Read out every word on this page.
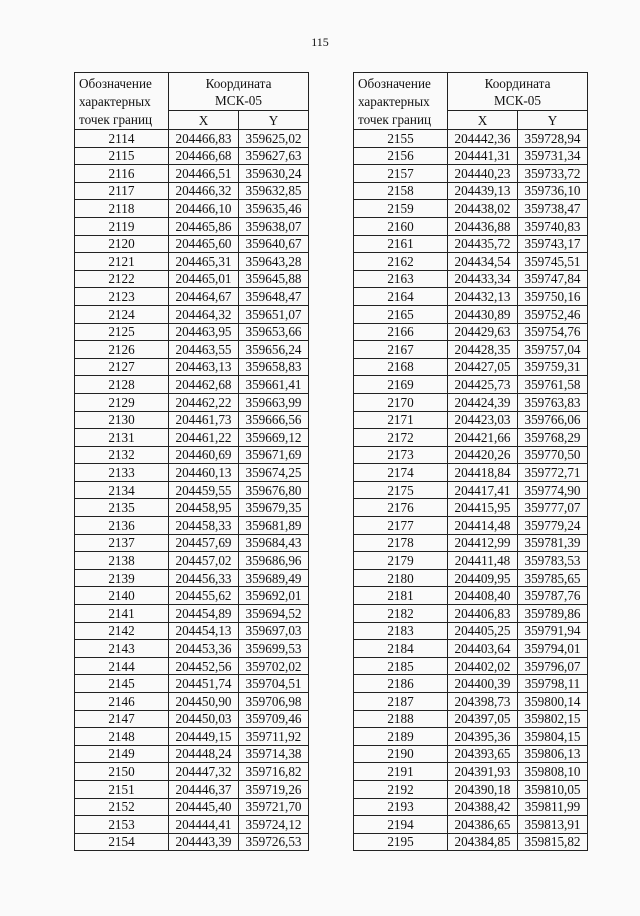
115
Обозначение
характерных
точек границ	Координата
МСК-05	
	X	Y
2114	204466,83	359625,02
2115	204466,68	359627,63
2116	204466,51	359630,24
2117	204466,32	359632,85
2118	204466,10	359635,46
2119	204465,86	359638,07
2120	204465,60	359640,67
2121	204465,31	359643,28
2122	204465,01	359645,88
2123	204464,67	359648,47
2124	204464,32	359651,07
2125	204463,95	359653,66
2126	204463,55	359656,24
2127	204463,13	359658,83
2128	204462,68	359661,41
2129	204462,22	359663,99
2130	204461,73	359666,56
2131	204461,22	359669,12
2132	204460,69	359671,69
2133	204460,13	359674,25
2134	204459,55	359676,80
2135	204458,95	359679,35
2136	204458,33	359681,89
2137	204457,69	359684,43
2138	204457,02	359686,96
2139	204456,33	359689,49
2140	204455,62	359692,01
2141	204454,89	359694,52
2142	204454,13	359697,03
2143	204453,36	359699,53
2144	204452,56	359702,02
2145	204451,74	359704,51
2146	204450,90	359706,98
2147	204450,03	359709,46
2148	204449,15	359711,92
2149	204448,24	359714,38
2150	204447,32	359716,82
2151	204446,37	359719,26
2152	204445,40	359721,70
2153	204444,41	359724,12
2154	204443,39	359726,53
Обозначение
характерных
точек границ	Координата
МСК-05	
	X	Y
2155	204442,36	359728,94
2156	204441,31	359731,34
2157	204440,23	359733,72
2158	204439,13	359736,10
2159	204438,02	359738,47
2160	204436,88	359740,83
2161	204435,72	359743,17
2162	204434,54	359745,51
2163	204433,34	359747,84
2164	204432,13	359750,16
2165	204430,89	359752,46
2166	204429,63	359754,76
2167	204428,35	359757,04
2168	204427,05	359759,31
2169	204425,73	359761,58
2170	204424,39	359763,83
2171	204423,03	359766,06
2172	204421,66	359768,29
2173	204420,26	359770,50
2174	204418,84	359772,71
2175	204417,41	359774,90
2176	204415,95	359777,07
2177	204414,48	359779,24
2178	204412,99	359781,39
2179	204411,48	359783,53
2180	204409,95	359785,65
2181	204408,40	359787,76
2182	204406,83	359789,86
2183	204405,25	359791,94
2184	204403,64	359794,01
2185	204402,02	359796,07
2186	204400,39	359798,11
2187	204398,73	359800,14
2188	204397,05	359802,15
2189	204395,36	359804,15
2190	204393,65	359806,13
2191	204391,93	359808,10
2192	204390,18	359810,05
2193	204388,42	359811,99
2194	204386,65	359813,91
2195	204384,85	359815,82
